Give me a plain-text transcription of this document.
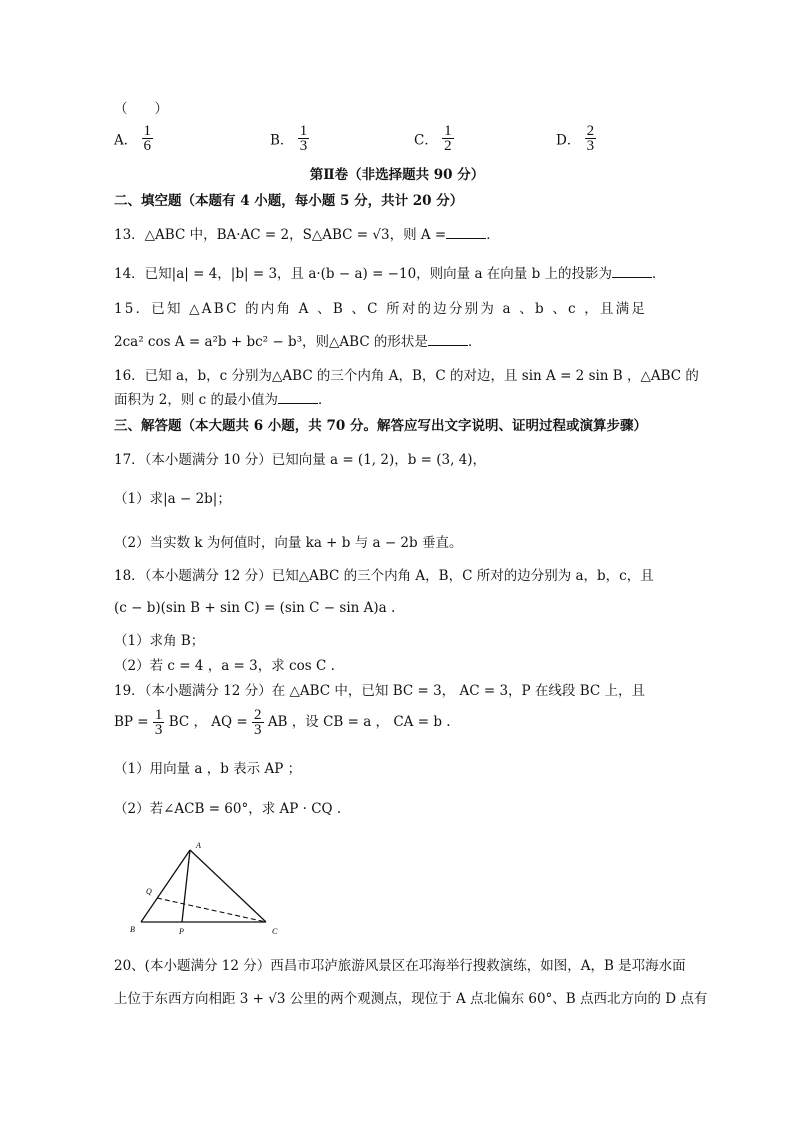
（　　）
A． $\frac{1}{6}$	B． $\frac{1}{3}$	C． $\frac{1}{2}$	D． $\frac{2}{3}$
第Ⅱ卷（非选择题共 90 分）
二、填空题（本题有 4 小题，每小题 5 分，共计 20 分）
13．△ABC 中，BA·AC = 2，S△ABC = √3，则 A =	．
14．已知|a| = 4，|b| = 3，且 a·(b − a) = −10，则向量 a 在向量 b 上的投影为	．
15．已知 △ABC 的内角 A 、B 、C 所对的边分别为 a 、b 、c ，且满足
2ca² cos A = a²b + bc² − b³，则△ABC 的形状是	．
16．已知 a，b，c 分别为△ABC 的三个内角 A，B，C 的对边，且 sin A = 2 sin B ，△ABC 的
面积为 2，则 c 的最小值为	．
三、解答题（本大题共 6 小题，共 70 分。解答应写出文字说明、证明过程或演算步骤）
17．（本小题满分 10 分）已知向量 a = (1, 2)，b = (3, 4)，
（1）求|a − 2b|；
（2）当实数 k 为何值时，向量 ka + b 与 a − 2b 垂直。
18．（本小题满分 12 分）已知△ABC 的三个内角 A，B，C 所对的边分别为 a，b，c，且
(c − b)(sin B + sin C) = (sin C − sin A)a .
（1）求角 B；
（2）若 c = 4 ，a = 3，求 cos C .
19．（本小题满分 12 分）在 △ABC 中，已知 BC = 3， AC = 3，P 在线段 BC 上，且
BP = $\frac{1}{3}$ BC ， AQ = $\frac{2}{3}$ AB ，设 CB = a ， CA = b .
（1）用向量 a ，b 表示 AP ；
（2）若∠ACB = 60°，求 AP · CQ .
A
B	C
P
Q
20、(本小题满分 12 分）西昌市邛泸旅游风景区在邛海举行搜救演练，如图，A，B 是邛海水面
上位于东西方向相距 3 + √3 公里的两个观测点，现位于 A 点北偏东 60°、B 点西北方向的 D 点有
